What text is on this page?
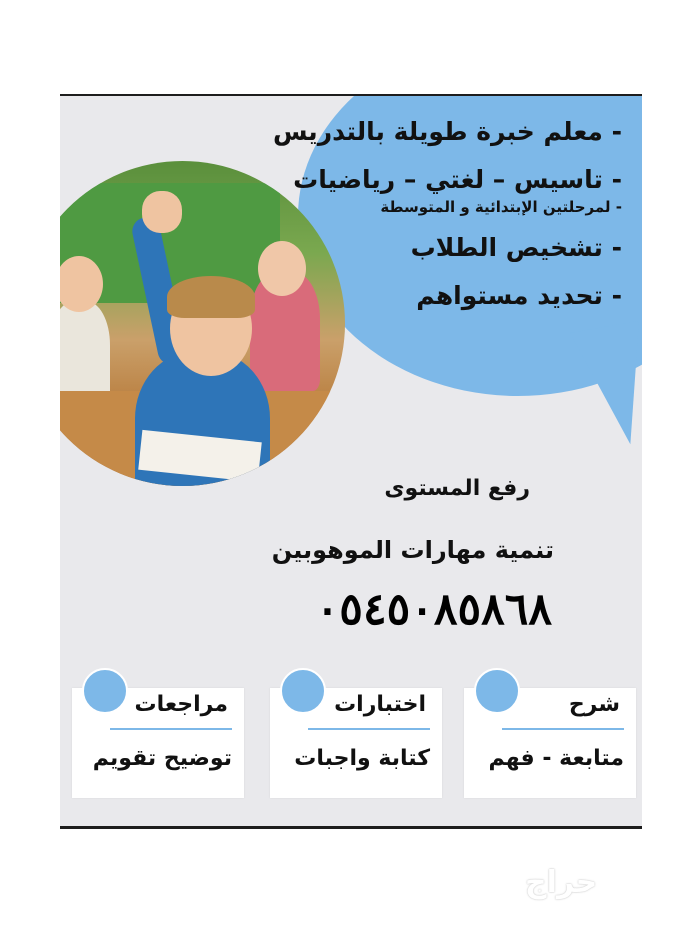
- معلم خبرة طويلة بالتدريس
- تاسيس – لغتي – رياضيات
- لمرحلتين الإبتدائية و المتوسطة
- تشخيص الطلاب
- تحديد مستواهم
رفع المستوى
تنمية مهارات الموهوبين
٠٥٤٥٠٨٥٨٦٨
شرح
متابعة - فهم
اختبارات
كتابة واجبات
مراجعات
توضيح تقويم
حراج
